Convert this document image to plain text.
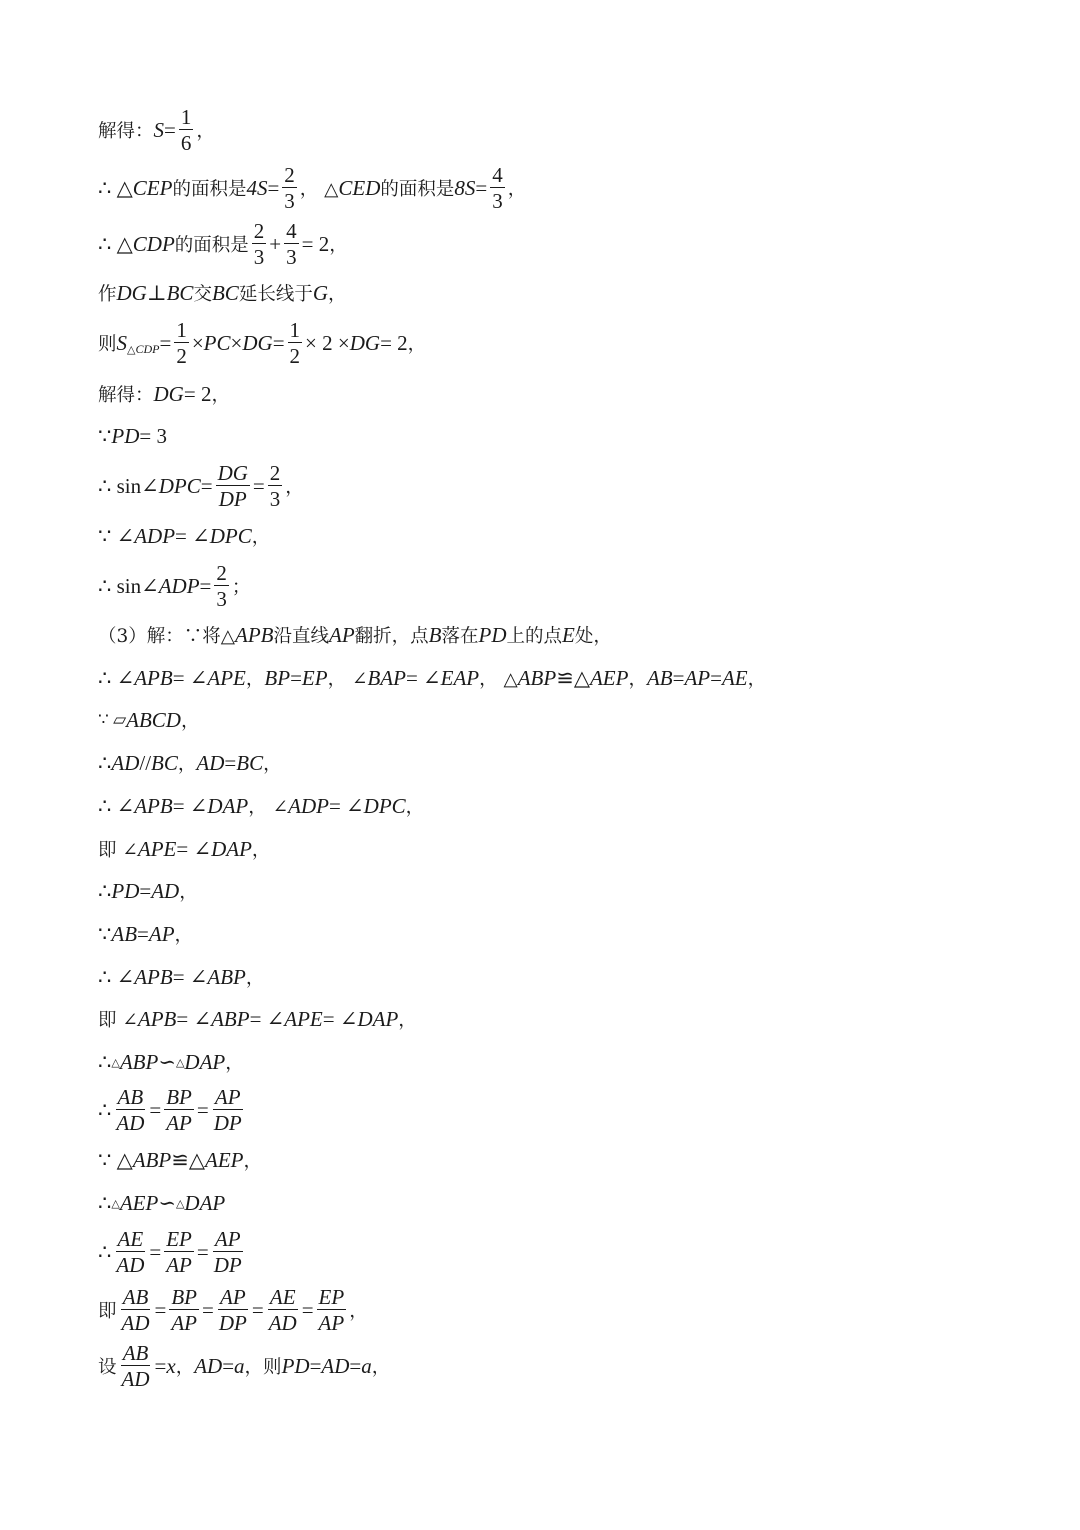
解得： $S = \frac{1}{6}$ ，
∴ △ CEP 的面积是 $4S = \frac{2}{3}$ ， △ CED 的面积是 $8S = \frac{4}{3}$ ，
∴ △ CDP 的面积是 $\frac{2}{3} + \frac{4}{3} = 2$ ，
作 DG ⊥ BC 交 BC 延长线于 G ，
则 S △ CDP = $\frac{1}{2}$ × PC × DG = $\frac{1}{2} \times 2$ × DG = 2 ，
解得： DG = 2 ，
∵ PD = 3
∴ sin∠ DPC = $\frac{DG}{DP} = \frac{2}{3}$ ，
∵ ∠ ADP = ∠ DPC ，
∴ sin∠ ADP = $\frac{2}{3}$ ；
（3）解：∵将△ APB 沿直线 AP 翻折，点 B 落在 PD 上的点 E 处，
∴ ∠ APB = ∠ APE ， BP = EP ， ∠ BAP = ∠ EAP ， △ ABP ≌△ AEP ， AB = AP = AE ，
∵ ▱ ABCD ，
∴ AD // BC ， AD = BC ，
∴ ∠ APB = ∠ DAP ， ∠ ADP = ∠ DPC ，
即 ∠ APE = ∠ DAP ，
∴ PD = AD ，
∵ AB = AP ，
∴ ∠ APB = ∠ ABP ，
即 ∠ APB = ∠ ABP = ∠ APE = ∠ DAP ，
∴ △ ABP ∽ △ DAP ，
∴ $\frac{AB}{AD} = \frac{BP}{AP} = \frac{AP}{DP}$
∵ △ ABP ≌△ AEP ，
∴ △ AEP ∽ △ DAP
∴ $\frac{AE}{AD} = \frac{EP}{AP} = \frac{AP}{DP}$
即 $\frac{AB}{AD} = \frac{BP}{AP} = \frac{AP}{DP} = \frac{AE}{AD} = \frac{EP}{AP}$ ，
设 $\frac{AB}{AD} = x$ ， AD = a ，则 PD = AD = a ，
